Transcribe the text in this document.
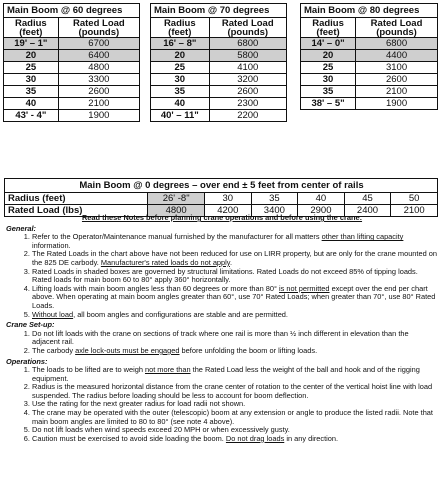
Main Boom @ 60 degrees	
Radius
(feet)	Rated Load
(pounds)
19' – 1"	6700
20	6400
25	4800
30	3300
35	2600
40	2100
43' - 4"	1900
Main Boom @ 70 degrees	
Radius
(feet)	Rated Load
(pounds)
16' – 8"	6800
20	5800
25	4100
30	3200
35	2600
40	2300
40' – 11"	2200
Main Boom @ 80 degrees	
Radius
(feet)	Rated Load
(pounds)
14' – 0"	6800
20	4400
25	3100
30	2600
35	2100
38' – 5"	1900
Main Boom @ 0 degrees – over end ± 5 feet from center of rails						
Radius (feet)	26' -8"	30	35	40	45	50
Rated Load (lbs)	4800	4200	3400	2900	2400	2100
Read these Notes before planning crane operations and before using the crane:
General:
1. Refer to the Operator/Maintenance manual furnished by the manufacturer for all matters other than lifting capacity information.
2. The Rated Loads in the chart above have not been reduced for use on LIRR property, but are only for the crane mounted on the 825 DE carbody. Manufacturer's rated loads do not apply.
3. Rated Loads in shaded boxes are governed by structural limitations. Rated Loads do not exceed 85% of tipping loads. Rated loads for main boom 60 to 80° apply 360° horizontally.
4. Lifting loads with main boom angles less than 60 degrees or more than 80° is not permitted except over the end per chart above. When operating at main boom angles greater than 60°, use 70° Rated Loads; when greater than 70°, use 80° Rated Loads.
5. Without load, all boom angles and configurations are stable and are permitted.
Crane Set-up:
1. Do not lift loads with the crane on sections of track where one rail is more than ½ inch different in elevation than the adjacent rail.
2. The carbody axle lock-outs must be engaged before unfolding the boom or lifting loads.
Operations:
1. The loads to be lifted are to weigh not more than the Rated Load less the weight of the ball and hook and of the rigging equipment.
2. Radius is the measured horizontal distance from the crane center of rotation to the center of the vertical hoist line with load suspended. The radius before loading should be less to account for boom deflection.
3. Use the rating for the next greater radius for load radii not shown.
4. The crane may be operated with the outer (telescopic) boom at any extension or angle to produce the listed radii. Note that main boom angles are limited to 80 to 80° (see note 4 above).
5. Do not lift loads when wind speeds exceed 20 MPH or when excessively gusty.
6. Caution must be exercised to avoid side loading the boom. Do not drag loads in any direction.
